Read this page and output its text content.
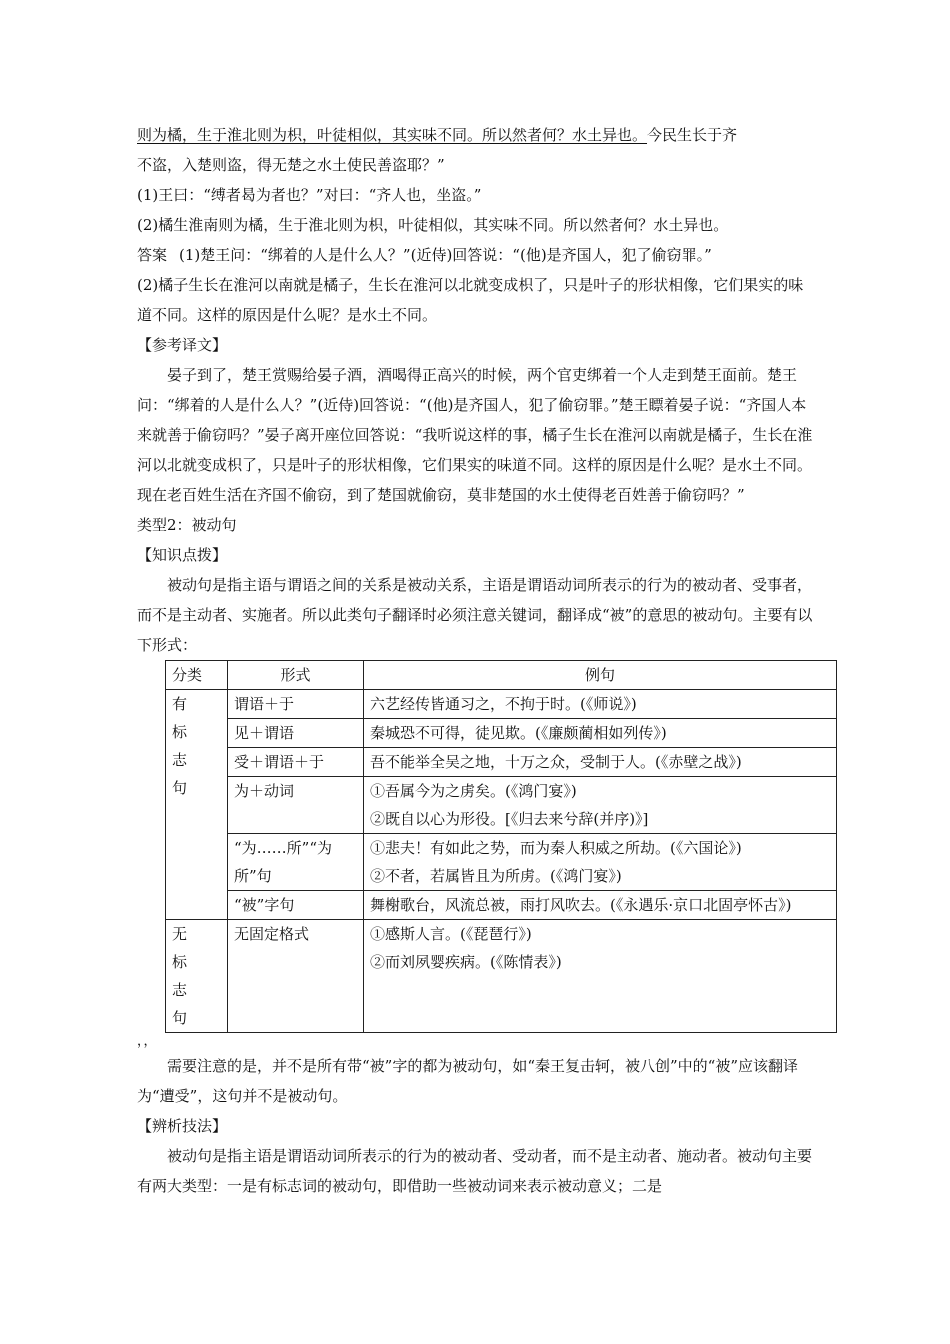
则为橘，生于淮北则为枳，叶徒相似，其实味不同。所以然者何？水土异也。今民生长于齐

不盗，入楚则盗，得无楚之水土使民善盗耶？”

(1)王曰：“缚者曷为者也？”对曰：“齐人也，坐盗。”

(2)橘生淮南则为橘，生于淮北则为枳，叶徒相似，其实味不同。所以然者何？水土异也。

答案 (1)楚王问：“绑着的人是什么人？”(近侍)回答说：“(他)是齐国人，犯了偷窃罪。”

(2)橘子生长在淮河以南就是橘子，生长在淮河以北就变成枳了，只是叶子的形状相像，它们果实的味道不同。这样的原因是什么呢？是水土不同。

【参考译文】

晏子到了，楚王赏赐给晏子酒，酒喝得正高兴的时候，两个官吏绑着一个人走到楚王面前。楚王问：“绑着的人是什么人？”(近侍)回答说：“(他)是齐国人，犯了偷窃罪。”楚王瞟着晏子说：“齐国人本来就善于偷窃吗？”晏子离开座位回答说：“我听说这样的事，橘子生长在淮河以南就是橘子，生长在淮河以北就变成枳了，只是叶子的形状相像，它们果实的味道不同。这样的原因是什么呢？是水土不同。现在老百姓生活在齐国不偷窃，到了楚国就偷窃，莫非楚国的水土使得老百姓善于偷窃吗？”

类型2：被动句

【知识点拨】

被动句是指主语与谓语之间的关系是被动关系，主语是谓语动词所表示的行为的被动者、受事者，而不是主动者、实施者。所以此类句子翻译时必须注意关键词，翻译成“被”的意思的被动句。主要有以下形式：

分类	形式	例句
有标志句	谓语＋于	六艺经传皆通习之，不拘于时。(《师说》)

	见＋谓语	秦城恐不可得，徒见欺。(《廉颇蔺相如列传》)

	受＋谓语＋于	吾不能举全吴之地，十万之众，受制于人。(《赤壁之战》)

	为＋动词	①吾属今为之虏矣。(《鸿门宴》)
②既自以心为形役。[《归去来兮辞(并序)》]

	“为……所”“为所”句	①悲夫！有如此之势，而为秦人积威之所劫。(《六国论》)
②不者，若属皆且为所虏。(《鸿门宴》)

	“被”字句	舞榭歌台，风流总被，雨打风吹去。(《永遇乐·京口北固亭怀古》)

无标志句	无固定格式	①感斯人言。(《琵琶行》)
②而刘夙婴疾病。(《陈情表》)

，，

需要注意的是，并不是所有带“被”字的都为被动句，如“秦王复击轲，被八创”中的“被”应该翻译为“遭受”，这句并不是被动句。

【辨析技法】

被动句是指主语是谓语动词所表示的行为的被动者、受动者，而不是主动者、施动者。被动句主要有两大类型：一是有标志词的被动句，即借助一些被动词来表示被动意义；二是
